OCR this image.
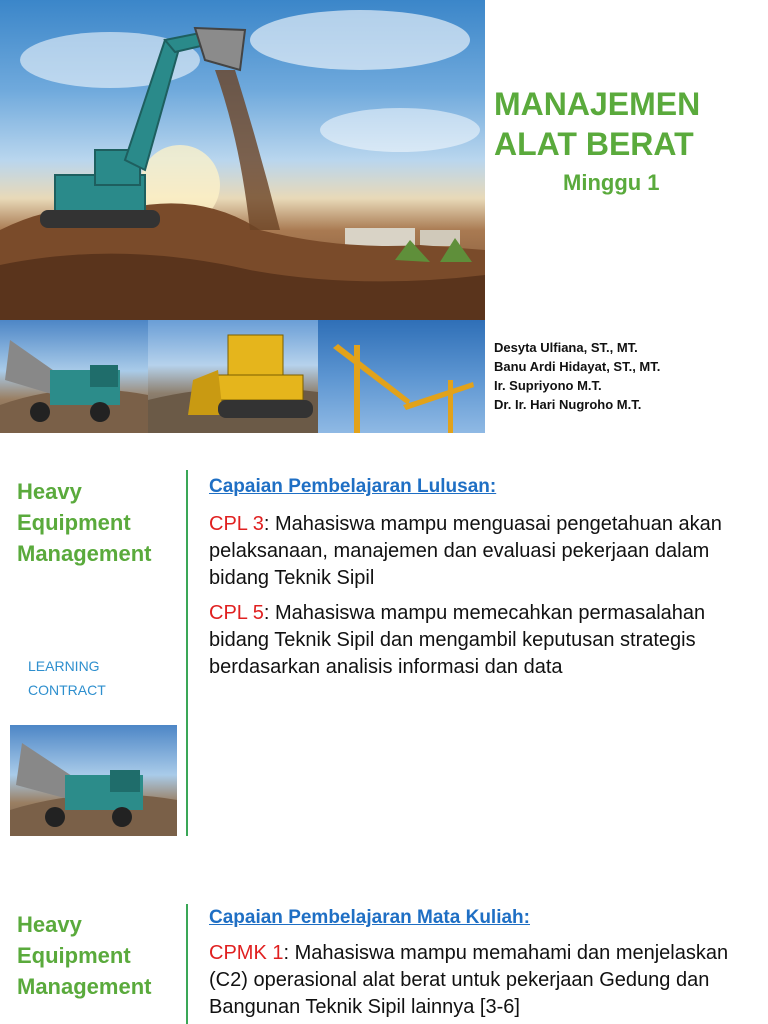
MANAJEMEN
ALAT BERAT
Minggu 1
Desyta Ulfiana, ST., MT.
Banu Ardi Hidayat, ST., MT.
Ir. Supriyono M.T.
Dr. Ir. Hari Nugroho M.T.
Heavy
Equipment
Management
LEARNING
CONTRACT
Capaian Pembelajaran Lulusan:
CPL 3: Mahasiswa mampu menguasai pengetahuan akan pelaksanaan, manajemen dan evaluasi pekerjaan dalam bidang Teknik Sipil
CPL 5: Mahasiswa mampu memecahkan permasalahan bidang Teknik Sipil dan mengambil keputusan strategis berdasarkan analisis informasi dan data
Heavy
Equipment
Management
Capaian Pembelajaran Mata Kuliah:
CPMK 1: Mahasiswa mampu memahami dan menjelaskan (C2) operasional alat berat untuk pekerjaan Gedung dan Bangunan Teknik Sipil lainnya [3-6]
